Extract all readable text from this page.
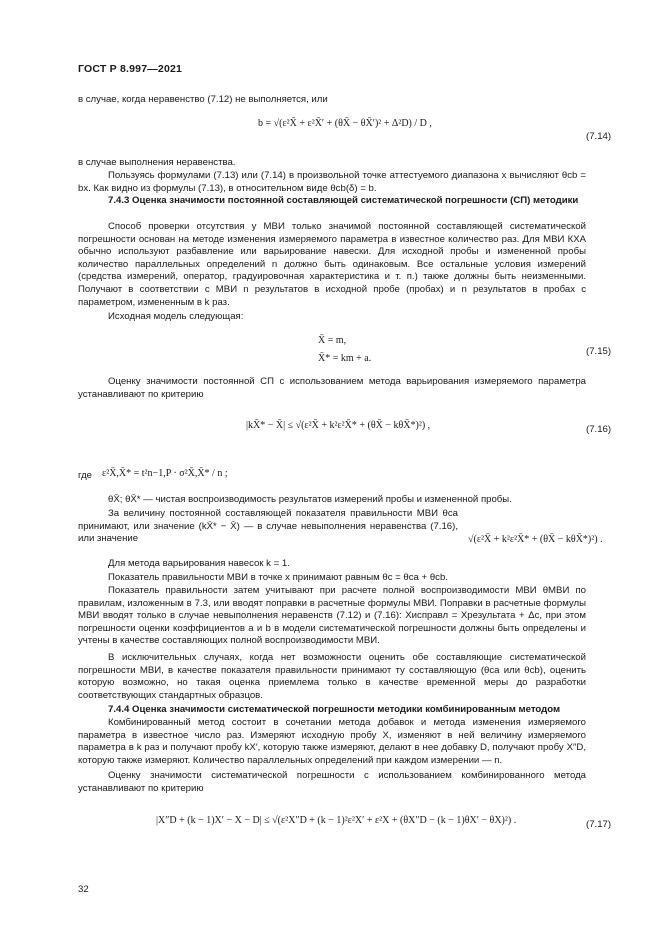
ГОСТ Р 8.997—2021
в случае, когда неравенство (7.12) не выполняется, или
b = √(ε²X̄ + ε²X̄′ + (θX̄ − θX̄′)² + Δ²D) / D ,
(7.14)
в случае выполнения неравенства.
Пользуясь формулами (7.13) или (7.14) в произвольной точке аттестуемого диапазона x вычисляют θcb = bx. Как видно из формулы (7.13), в относительном виде θcb(δ) = b.
7.4.3 Оценка значимости постоянной составляющей систематической погрешности (СП) методики
Способ проверки отсутствия у МВИ только значимой постоянной составляющей систематической погрешности основан на методе изменения измеряемого параметра в известное количество раз. Для МВИ КХА обычно используют разбавление или варьирование навески. Для исходной пробы и измененной пробы количество параллельных определений n должно быть одинаковым. Все остальные условия измерений (средства измерений, оператор, градуировочная характеристика и т. п.) также должны быть неизменными. Получают в соответствии с МВИ n результатов в исходной пробе (пробах) и n результатов в пробах с параметром, измененным в k раз.
Исходная модель следующая:
X̄ = m,
X̄* = km + a.
(7.15)
Оценку значимости постоянной СП с использованием метода варьирования измеряемого параметра устанавливают по критерию
|kX̄* − X̄| ≤ √(ε²X̄ + k²ε²X̄* + (θX̄ − kθX̄*)²) ,	(7.16)
где ε²X̄,X̄* = t²n−1,P · σ²X̄,X̄* / n ;
θX̄; θX̄* — чистая воспроизводимость результатов измерений пробы и измененной пробы.
За величину постоянной составляющей показателя правильности МВИ θca принимают, или значение (kX̄* − X̄) — в случае невыполнения неравенства (7.16), или значение	√(ε²X̄ + k²ε²X̄* + (θX̄ − kθX̄*)²) .
Для метода варьирования навесок k = 1.
Показатель правильности МВИ в точке x принимают равным θc = θca + θcb.
Показатель правильности затем учитывают при расчете полной воспроизводимости МВИ θМВИ по правилам, изложенным в 7.3, или вводят поправки в расчетные формулы МВИ. Поправки в расчетные формулы МВИ вводят только в случае невыполнения неравенств (7.12) и (7.16): Xисправл = Xрезультата + Δс, при этом погрешности оценки коэффициентов a и b в модели систематической погрешности должны быть определены и учтены в качестве составляющих полной воспроизводимости МВИ.
В исключительных случаях, когда нет возможности оценить обе составляющие систематической погрешности МВИ, в качестве показателя правильности принимают ту составляющую (θca или θcb), оценить которую возможно, но такая оценка приемлема только в качестве временной меры до разработки соответствующих стандартных образцов.
7.4.4 Оценка значимости систематической погрешности методики комбинированным методом
Комбинированный метод состоит в сочетании метода добавок и метода изменения измеряемого параметра в известное число раз. Измеряют исходную пробу X, изменяют в ней величину измеряемого параметра в k раз и получают пробу kX′, которую также измеряют, делают в нее добавку D, получают пробу X″D, которую также измеряют. Количество параллельных определений при каждом измерении — n.
Оценку значимости систематической погрешности с использованием комбинированного метода устанавливают по критерию
|X″D + (k − 1)X′ − X − D| ≤ √(ε²X″D + (k − 1)²ε²X′ + ε²X + (θX″D − (k − 1)θX′ − θX)²) .	(7.17)
32
